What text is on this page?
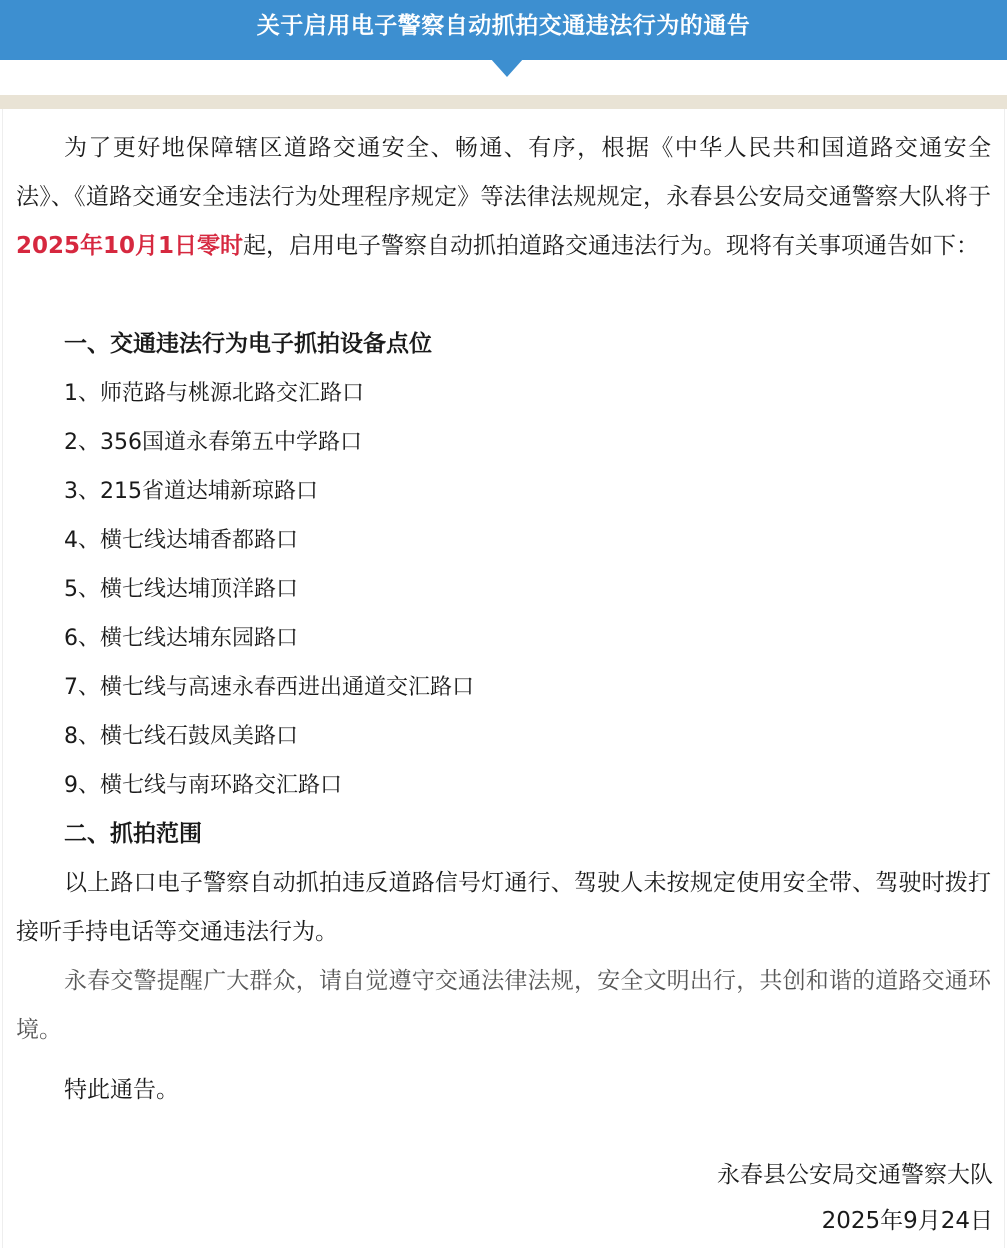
关于启用电子警察自动抓拍交通违法行为的通告

为了更好地保障辖区道路交通安全、畅通、有序，根据《中华人民共和国道路交通安全法》、《道路交通安全违法行为处理程序规定》等法律法规规定，永春县公安局交通警察大队将于2025年10月1日零时起，启用电子警察自动抓拍道路交通违法行为。现将有关事项通告如下：

一、交通违法行为电子抓拍设备点位
1、师范路与桃源北路交汇路口
2、356国道永春第五中学路口
3、215省道达埔新琼路口
4、横七线达埔香都路口
5、横七线达埔顶洋路口
6、横七线达埔东园路口
7、横七线与高速永春西进出通道交汇路口
8、横七线石鼓凤美路口
9、横七线与南环路交汇路口
二、抓拍范围

以上路口电子警察自动抓拍违反道路信号灯通行、驾驶人未按规定使用安全带、驾驶时拨打接听手持电话等交通违法行为。

永春交警提醒广大群众，请自觉遵守交通法律法规，安全文明出行，共创和谐的道路交通环境。

特此通告。

永春县公安局交通警察大队
2025年9月24日
